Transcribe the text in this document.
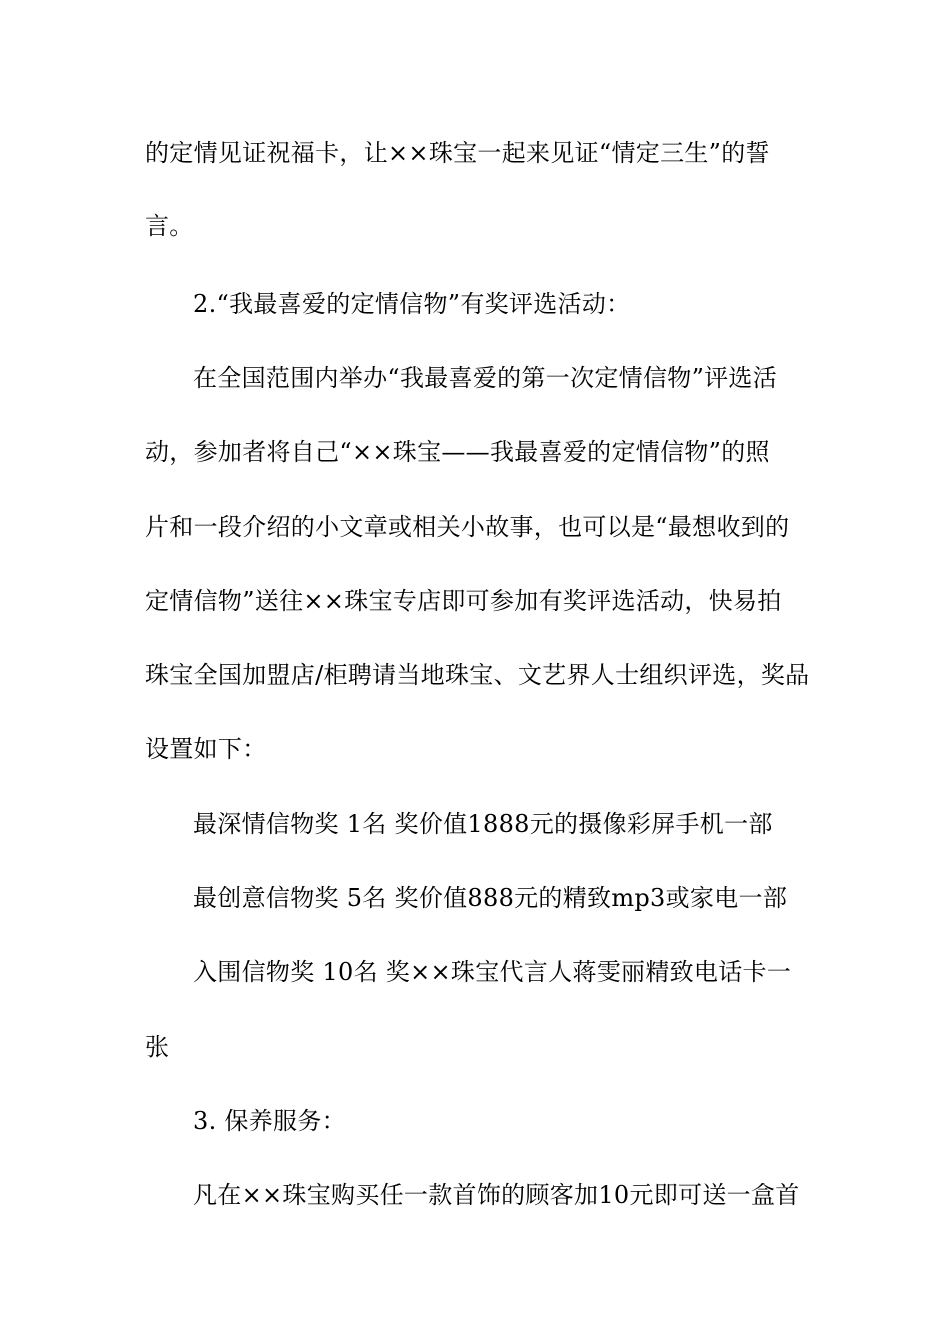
的定情见证祝福卡，让××珠宝一起来见证“情定三生”的誓
言。
2.“我最喜爱的定情信物”有奖评选活动：
在全国范围内举办“我最喜爱的第一次定情信物”评选活
动，参加者将自己“××珠宝——我最喜爱的定情信物”的照
片和一段介绍的小文章或相关小故事，也可以是“最想收到的
定情信物”送往××珠宝专店即可参加有奖评选活动，快易拍
珠宝全国加盟店/柜聘请当地珠宝、文艺界人士组织评选，奖品
设置如下：
最深情信物奖 1名 奖价值1888元的摄像彩屏手机一部
最创意信物奖 5名 奖价值888元的精致mp3或家电一部
入围信物奖 10名 奖××珠宝代言人蒋雯丽精致电话卡一
张
3. 保养服务：
凡在××珠宝购买任一款首饰的顾客加10元即可送一盒首
